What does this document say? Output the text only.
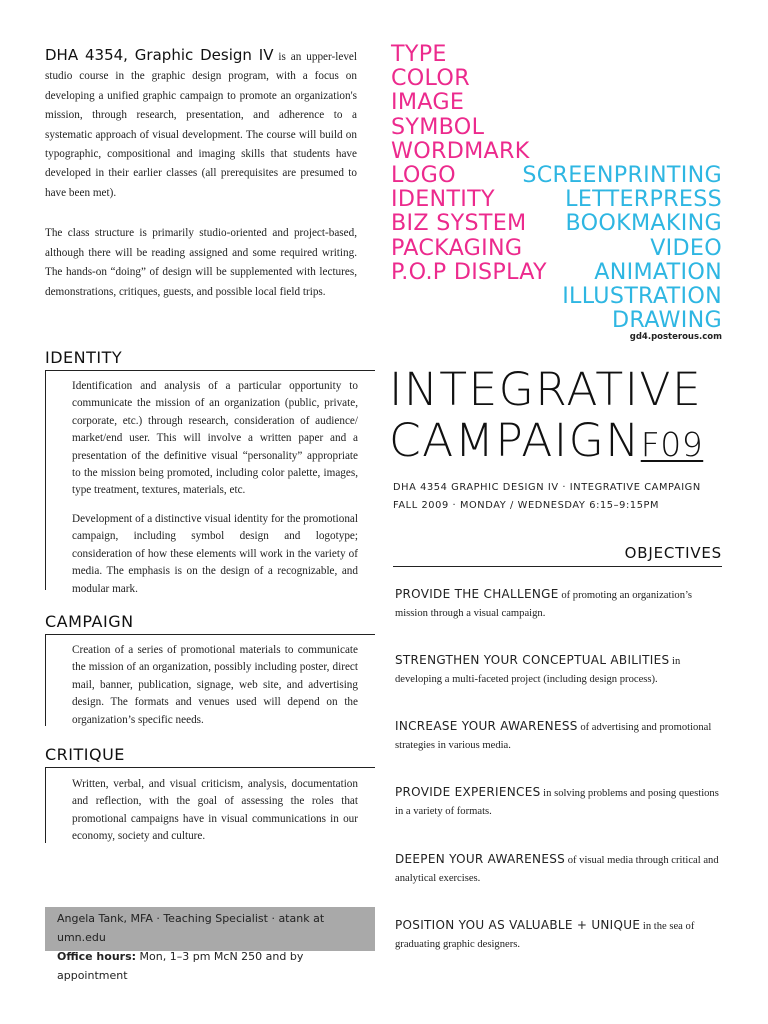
DHA 4354, Graphic Design IV is an upper-level studio course in the graphic design program, with a focus on developing a unified graphic campaign to promote an organization's mission, through research, presentation, and adherence to a systematic approach of visual development. The course will build on typographic, compositional and imaging skills that students have developed in their earlier classes (all prerequisites are presumed to have been met).

The class structure is primarily studio-oriented and project-based, although there will be reading assigned and some required writing. The hands-on “doing” of design will be supplemented with lectures, demonstrations, critiques, guests, and possible local field trips.

IDENTITY

Identification and analysis of a particular opportunity to communicate the mission of an organization (public, private, corporate, etc.) through research, consideration of audience/ market/end user. This will involve a written paper and a presentation of the definitive visual “personality” appropriate to the mission being promoted, including color palette, images, type treatment, textures, materials, etc.

Development of a distinctive visual identity for the promotional campaign, including symbol design and logotype; consideration of how these elements will work in the variety of media. The emphasis is on the design of a recognizable, and modular mark.

CAMPAIGN

Creation of a series of promotional materials to communicate the mission of an organization, possibly including poster, direct mail, banner, publication, signage, web site, and advertising design. The formats and venues used will depend on the organization’s specific needs.

CRITIQUE

Written, verbal, and visual criticism, analysis, documentation and reflection, with the goal of assessing the roles that promotional campaigns have in visual communications in our economy, society and culture.

Angela Tank, MFA · Teaching Specialist · atank at umn.edu
Office hours: Mon, 1–3 pm McN 250 and by appointment
TYPE
COLOR
IMAGE
SYMBOL
WORDMARK
LOGO
IDENTITY
BIZ SYSTEM
PACKAGING
P.O.P DISPLAY
SCREENPRINTING
LETTERPRESS
BOOKMAKING
VIDEO
ANIMATION
ILLUSTRATION
DRAWING
gd4.posterous.com
INTEGRATIVE
CAMPAIGNF09
DHA 4354 GRAPHIC DESIGN IV · INTEGRATIVE CAMPAIGN
FALL 2009 · MONDAY / WEDNESDAY 6:15–9:15PM
OBJECTIVES

PROVIDE THE CHALLENGE of promoting an organization’s mission through a visual campaign.

STRENGTHEN YOUR CONCEPTUAL ABILITIES in developing a multi-faceted project (including design process).

INCREASE YOUR AWARENESS of advertising and promotional strategies in various media.

PROVIDE EXPERIENCES in solving problems and posing questions in a variety of formats.

DEEPEN YOUR AWARENESS of visual media through critical and analytical exercises.

POSITION YOU AS VALUABLE + UNIQUE in the sea of graduating graphic designers.
